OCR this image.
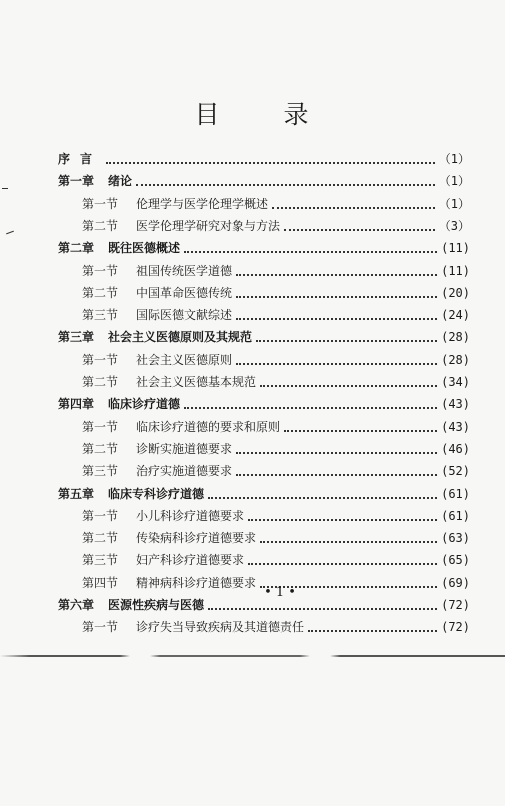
目 录
序言	（1）
第一章 绪论	（1）
第一节 伦理学与医学伦理学概述	（1）
第二节 医学伦理学研究对象与方法	（3）
第二章 既往医德概述	(11)
第一节 祖国传统医学道德	(11)
第二节 中国革命医德传统	(20)
第三节 国际医德文献综述	(24)
第三章 社会主义医德原则及其规范	(28)
第一节 社会主义医德原则	(28)
第二节 社会主义医德基本规范	(34)
第四章 临床诊疗道德	(43)
第一节 临床诊疗道德的要求和原则	(43)
第二节 诊断实施道德要求	(46)
第三节 治疗实施道德要求	(52)
第五章 临床专科诊疗道德	(61)
第一节 小儿科诊疗道德要求	(61)
第二节 传染病科诊疗道德要求	(63)
第三节 妇产科诊疗道德要求	(65)
第四节 精神病科诊疗道德要求	(69)
第六章 医源性疾病与医德	(72)
第一节 诊疗失当导致疾病及其道德责任	(72)
• 1 •
